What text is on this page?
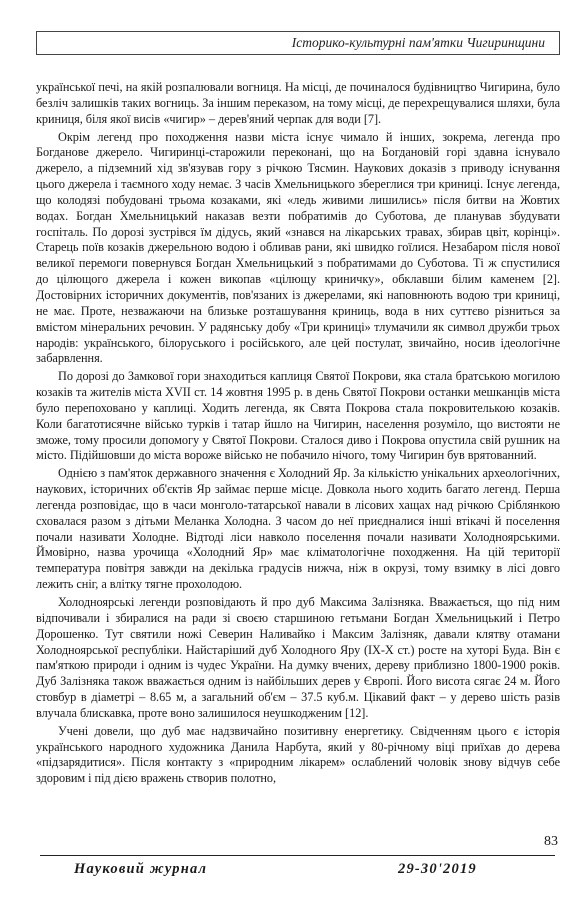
Історико-культурні пам'ятки Чигиринщини

української печі, на якій розпалювали вогниця. На місці, де починалося будівництво Чигирина, було безліч залишків таких вогниць. За іншим переказом, на тому місці, де перехрещувалися шляхи, була криниця, біля якої висів «чигир» – дерев'яний черпак для води [7].

Окрім легенд про походження назви міста існує чимало й інших, зокрема, легенда про Богданове джерело. Чигиринці-старожили переконані, що на Богдановій горі здавна існувало джерело, а підземний хід зв'язував гору з річкою Тясмин. Наукових доказів з приводу існування цього джерела і таємного ходу немає. З часів Хмельницького збереглися три криниці. Існує легенда, що колодязі побудовані трьома козаками, які «ледь живими лишились» після битви на Жовтих водах. Богдан Хмельницький наказав везти побратимів до Суботова, де планував збудувати госпіталь. По дорозі зустрівся їм дідусь, який «знався на лікарських травах, збирав цвіт, корінці». Старець поїв козаків джерельною водою і обливав рани, які швидко гоїлися. Незабаром після нової великої перемоги повернувся Богдан Хмельницький з побратимами до Суботова. Ті ж спустилися до цілющого джерела і кожен викопав «цілющу криничку», обклавши білим каменем [2]. Достовірних історичних документів, пов'язаних із джерелами, які наповнюють водою три криниці, не має. Проте, незважаючи на близьке розташування криниць, вода в них суттєво різниться за вмістом мінеральних речовин. У радянську добу «Три криниці» тлумачили як символ дружби трьох народів: українського, білоруського і російського, але цей постулат, звичайно, носив ідеологічне забарвлення.

По дорозі до Замкової гори знаходиться каплиця Святої Покрови, яка стала братською могилою козаків та жителів міста XVII ст. 14 жовтня 1995 р. в день Святої Покрови останки мешканців міста було перепоховано у каплиці. Ходить легенда, як Свята Покрова стала покровителькою козаків. Коли багатотисячне військо турків і татар йшло на Чигирин, населення розуміло, що вистояти не зможе, тому просили допомогу у Святої Покрови. Сталося диво і Покрова опустила свій рушник на місто. Підійшовши до міста вороже військо не побачило нічого, тому Чигирин був врятованний.

Однією з пам'яток державного значення є Холодний Яр. За кількістю унікальних археологічних, наукових, історичних об'єктів Яр займає перше місце. Довкола нього ходить багато легенд. Перша легенда розповідає, що в часи монголо-татарської навали в лісових хащах над річкою Сріблянкою сховалася разом з дітьми Меланка Холодна. З часом до неї приєдналися інші втікачі й поселення почали називати Холодне. Відтоді ліси навколо поселення почали називати Холодноярськими. Ймовірно, назва урочища «Холодний Яр» має кліматологічне походження. На цій території температура повітря завжди на декілька градусів нижча, ніж в окрузі, тому взимку в лісі довго лежить сніг, а влітку тягне прохолодою.

Холодноярські легенди розповідають й про дуб Максима Залізняка. Вважається, що під ним відпочивали і збиралися на ради зі своєю старшиною гетьмани Богдан Хмельницький і Петро Дорошенко. Тут святили ножі Северин Наливайко і Максим Залізняк, давали клятву отамани Холодноярської республіки. Найстаріший дуб Холодного Яру (IX-X ст.) росте на хуторі Буда. Він є пам'яткою природи і одним із чудес України. На думку вчених, дереву приблизно 1800-1900 років. Дуб Залізняка також вважається одним із найбільших дерев у Європі. Його висота сягає 24 м. Його стовбур в діаметрі – 8.65 м, а загальний об'єм – 37.5 куб.м. Цікавий факт – у дерево шість разів влучала блискавка, проте воно залишилося неушкодженим [12].

Учені довели, що дуб має надзвичайно позитивну енергетику. Свідченням цього є історія українського народного художника Данила Нарбута, який у 80-річному віці приїхав до дерева «підзарядитися». Після контакту з «природним лікарем» ослаблений чоловік знову відчув себе здоровим і під дією вражень створив полотно,

83
Науковий журнал	29-30'2019
